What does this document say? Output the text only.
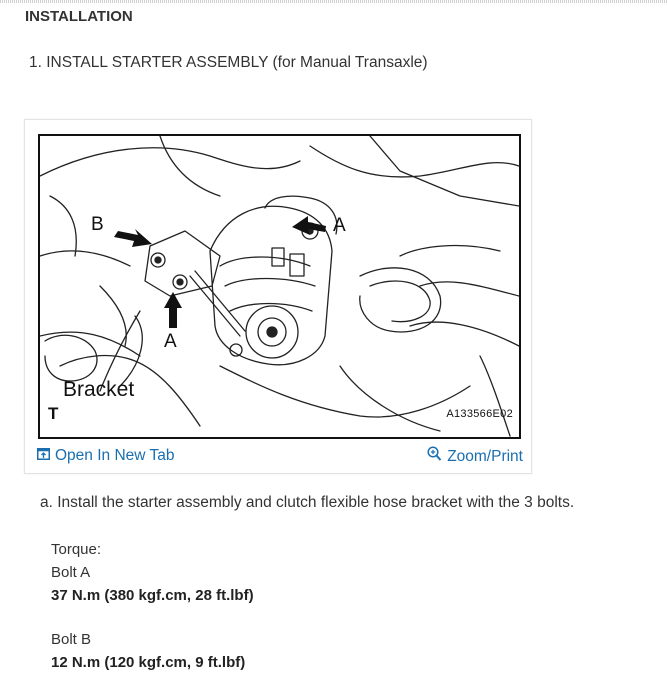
INSTALLATION
1. INSTALL STARTER ASSEMBLY (for Manual Transaxle)
B	A
A
Bracket
T	A133566E02
Open In New Tab	Zoom/Print

a. Install the starter assembly and clutch flexible hose bracket with the 3 bolts.

Torque:

Bolt A

37 N.m (380 kgf.cm, 28 ft.lbf)

Bolt B

12 N.m (120 kgf.cm, 9 ft.lbf)
